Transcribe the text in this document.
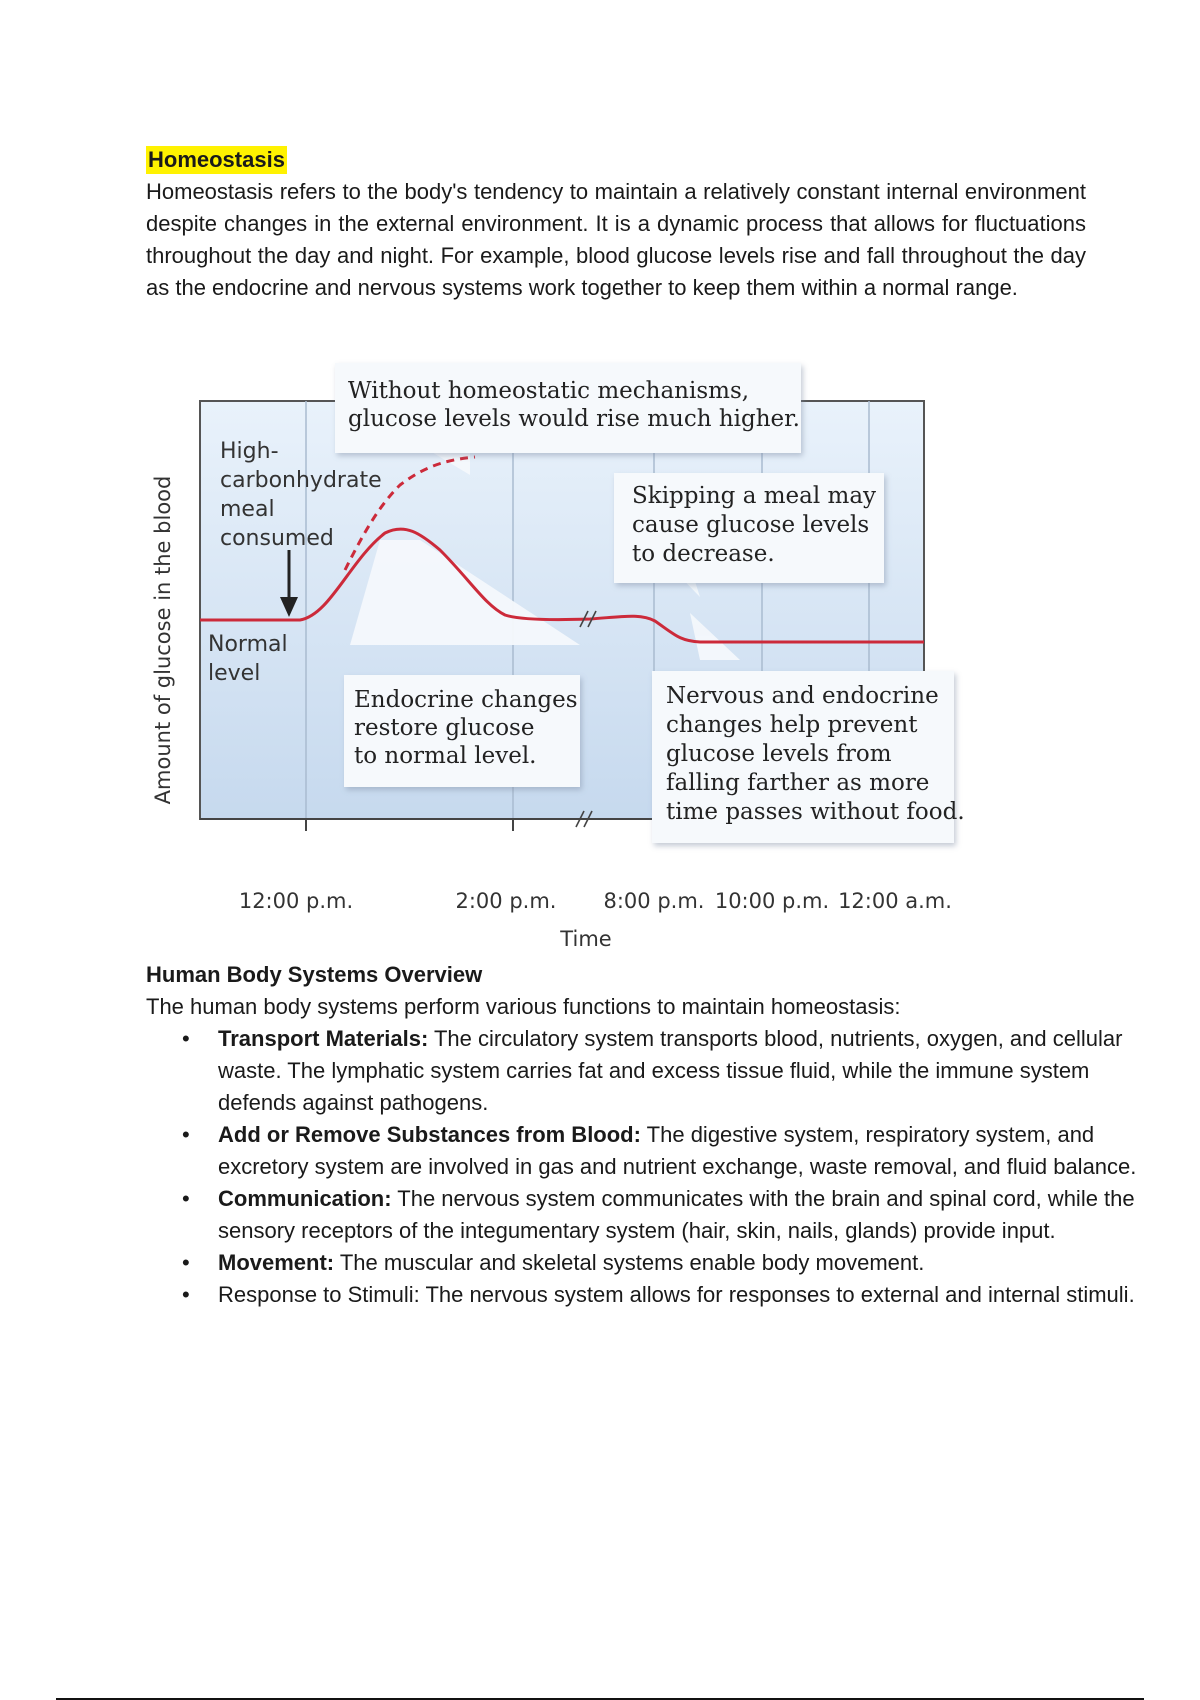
Homeostasis

Homeostasis refers to the body's tendency to maintain a relatively constant internal environment despite changes in the external environment. It is a dynamic process that allows for fluctuations throughout the day and night. For example, blood glucose levels rise and fall throughout the day as the endocrine and nervous systems work together to keep them within a normal range.

Without homeostatic mechanisms, glucose levels would rise much higher.
Skipping a meal may cause glucose levels to decrease.
Endocrine changes restore glucose to normal level.
Nervous and endocrine changes help prevent glucose levels from falling farther as more time passes without food.
High- carbonhydrate meal consumed
Normal level
Amount of glucose in the blood
12:00 p.m.	2:00 p.m. 8:00 p.m. 10:00 p.m. 12:00 a.m.
Time
Human Body Systems Overview
The human body systems perform various functions to maintain homeostasis:
• Transport Materials: The circulatory system transports blood, nutrients, oxygen, and cellular waste. The lymphatic system carries fat and excess tissue fluid, while the immune system defends against pathogens.
• Add or Remove Substances from Blood: The digestive system, respiratory system, and excretory system are involved in gas and nutrient exchange, waste removal, and fluid balance.
• Communication: The nervous system communicates with the brain and spinal cord, while the sensory receptors of the integumentary system (hair, skin, nails, glands) provide input.
• Movement: The muscular and skeletal systems enable body movement.
• Response to Stimuli: The nervous system allows for responses to external and internal stimuli.
